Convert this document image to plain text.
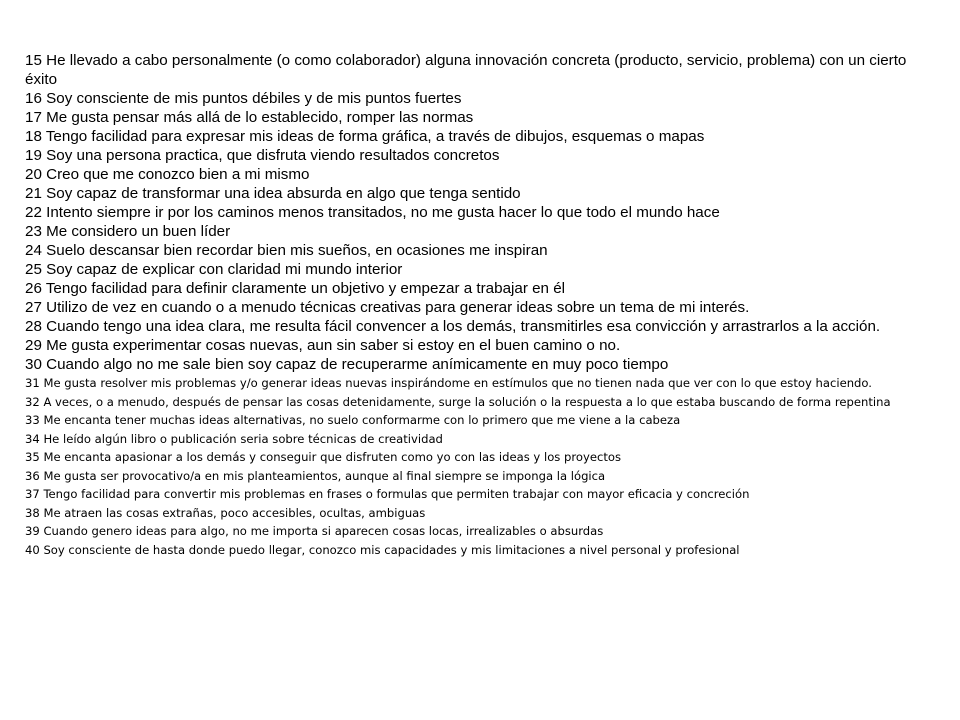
15 He llevado a cabo personalmente (o como colaborador) alguna innovación concreta (producto, servicio, problema) con un cierto éxito

16 Soy consciente de mis puntos débiles y de mis puntos fuertes

17 Me gusta pensar más allá de lo establecido, romper las normas

18 Tengo facilidad para expresar mis ideas de forma gráfica, a través de dibujos, esquemas o mapas

19 Soy una persona practica, que disfruta viendo resultados concretos

20 Creo que me conozco bien a mi mismo

21 Soy capaz de transformar una idea absurda en algo que tenga sentido

22 Intento siempre ir por los caminos menos transitados, no me gusta hacer lo que todo el mundo hace

23 Me considero un buen líder

24 Suelo descansar bien recordar bien mis sueños, en ocasiones me inspiran

25 Soy capaz de explicar con claridad mi mundo interior

26 Tengo facilidad para definir claramente un objetivo y empezar a trabajar en él

27 Utilizo de vez en cuando o a menudo técnicas creativas para generar ideas sobre un tema de mi interés.

28 Cuando tengo una idea clara, me resulta fácil convencer a los demás, transmitirles esa convicción y arrastrarlos a la acción.

29 Me gusta experimentar cosas nuevas, aun sin saber si estoy en el buen camino o no.

30 Cuando algo no me sale bien soy capaz de recuperarme anímicamente en muy poco tiempo

31 Me gusta resolver mis problemas y/o generar ideas nuevas inspirándome en estímulos que no tienen nada que ver con lo que estoy haciendo.

32 A veces, o a menudo, después de pensar las cosas detenidamente, surge la solución o la respuesta a lo que estaba buscando de forma repentina

33 Me encanta tener muchas ideas alternativas, no suelo conformarme con lo primero que me viene a la cabeza

34 He leído algún libro o publicación seria sobre técnicas de creatividad

35 Me encanta apasionar a los demás y conseguir que disfruten como yo con las ideas y los proyectos

36 Me gusta ser provocativo/a en mis planteamientos, aunque al final siempre se imponga la lógica

37 Tengo facilidad para convertir mis problemas en frases o formulas que permiten trabajar con mayor eficacia y concreción

38 Me atraen las cosas extrañas, poco accesibles, ocultas, ambiguas

39 Cuando genero ideas para algo, no me importa si aparecen cosas locas, irrealizables o absurdas

40 Soy consciente de hasta donde puedo llegar, conozco mis capacidades y mis limitaciones a nivel personal y profesional
